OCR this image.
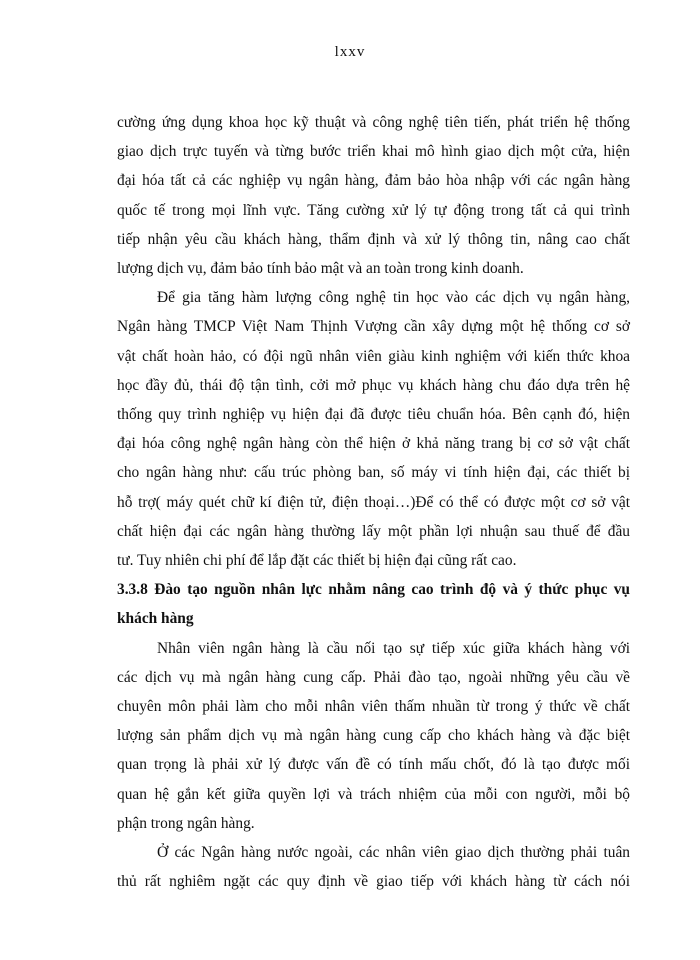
lxxv

cường ứng dụng khoa học kỹ thuật và công nghệ tiên tiến, phát triển hệ thống
giao dịch trực tuyến và từng bước triển khai mô hình giao dịch một cửa, hiện
đại hóa tất cả các nghiệp vụ ngân hàng, đảm bảo hòa nhập với các ngân hàng
quốc tế trong mọi lĩnh vực. Tăng cường xử lý tự động trong tất cả qui trình
tiếp nhận yêu cầu khách hàng, thẩm định và xử lý thông tin, nâng cao chất
lượng dịch vụ, đảm bảo tính bảo mật và an toàn trong kinh doanh.

Để gia tăng hàm lượng công nghệ tin học vào các dịch vụ ngân hàng,
Ngân hàng TMCP Việt Nam Thịnh Vượng cần xây dựng một hệ thống cơ sở
vật chất hoàn hảo, có đội ngũ nhân viên giàu kinh nghiệm với kiến thức khoa
học đầy đủ, thái độ tận tình, cởi mở phục vụ khách hàng chu đáo dựa trên hệ
thống quy trình nghiệp vụ hiện đại đã được tiêu chuẩn hóa. Bên cạnh đó, hiện
đại hóa công nghệ ngân hàng còn thể hiện ở khả năng trang bị cơ sở vật chất
cho ngân hàng như: cấu trúc phòng ban, số máy vi tính hiện đại, các thiết bị
hỗ trợ( máy quét chữ kí điện tử, điện thoại…)Để có thể có được một cơ sở vật
chất hiện đại các ngân hàng thường lấy một phần lợi nhuận sau thuế để đầu
tư. Tuy nhiên chi phí để lắp đặt các thiết bị hiện đại cũng rất cao.

3.3.8 Đào tạo nguồn nhân lực nhằm nâng cao trình độ và ý thức phục vụ
khách hàng

Nhân viên ngân hàng là cầu nối tạo sự tiếp xúc giữa khách hàng với
các dịch vụ mà ngân hàng cung cấp. Phải đào tạo, ngoài những yêu cầu về
chuyên môn phải làm cho mỗi nhân viên thấm nhuần từ trong ý thức về chất
lượng sản phẩm dịch vụ mà ngân hàng cung cấp cho khách hàng và đặc biệt
quan trọng là phải xử lý được vấn đề có tính mấu chốt, đó là tạo được mối
quan hệ gắn kết giữa quyền lợi và trách nhiệm của mỗi con người, mỗi bộ
phận trong ngân hàng.

Ở các Ngân hàng nước ngoài, các nhân viên giao dịch thường phải tuân
thủ rất nghiêm ngặt các quy định về giao tiếp với khách hàng từ cách nói
